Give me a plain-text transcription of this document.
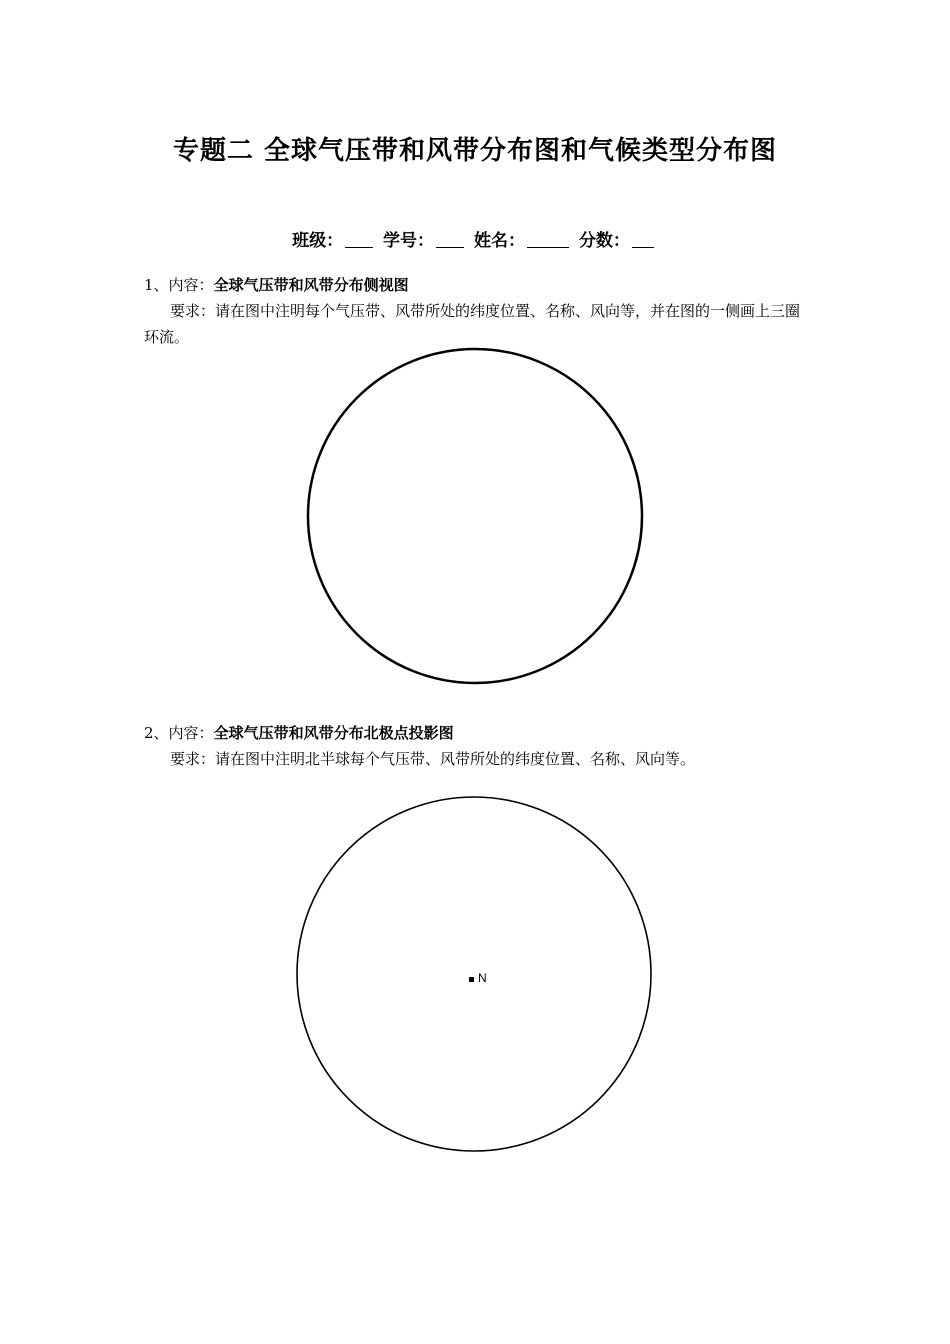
专题二 全球气压带和风带分布图和气候类型分布图
班级： 学号： 姓名：	分数：

1、内容：全球气压带和风带分布侧视图

要求：请在图中注明每个气压带、风带所处的纬度位置、名称、风向等，并在图的一侧画上三圈环流。

2、内容：全球气压带和风带分布北极点投影图

要求：请在图中注明北半球每个气压带、风带所处的纬度位置、名称、风向等。

N
